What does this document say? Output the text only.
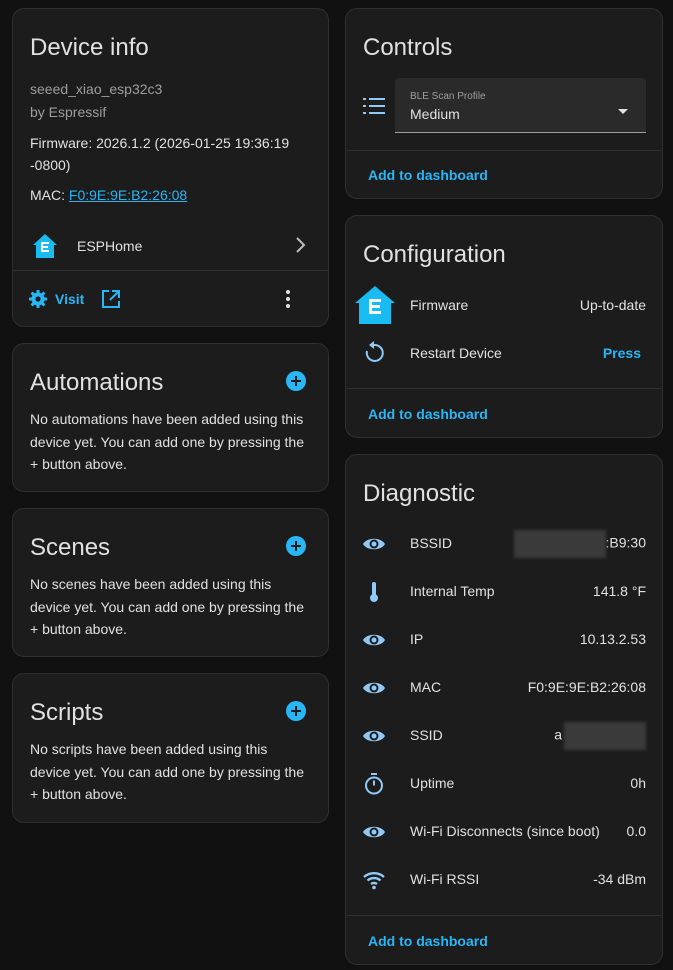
Device info
seeed_xiao_esp32c3
by Espressif
Firmware: 2026.1.2 (2026-01-25 19:36:19
-0800)
MAC: F0:9E:9E:B2:26:08
ESPHome
Visit
Automations
No automations have been added using this device yet. You can add one by pressing the + button above.
Scenes
No scenes have been added using this device yet. You can add one by pressing the + button above.
Scripts
No scripts have been added using this device yet. You can add one by pressing the + button above.
Controls
BLE Scan Profile
Medium
Add to dashboard
Configuration
Firmware	Up-to-date
Restart Device	Press
Add to dashboard
Diagnostic
BSSID	:B9:30
Internal Temp	141.8 °F
IP	10.13.2.53
MAC	F0:9E:9E:B2:26:08
SSID	a
Uptime	0h
Wi-Fi Disconnects (since boot) 0.0
Wi-Fi RSSI	-34 dBm
Add to dashboard
